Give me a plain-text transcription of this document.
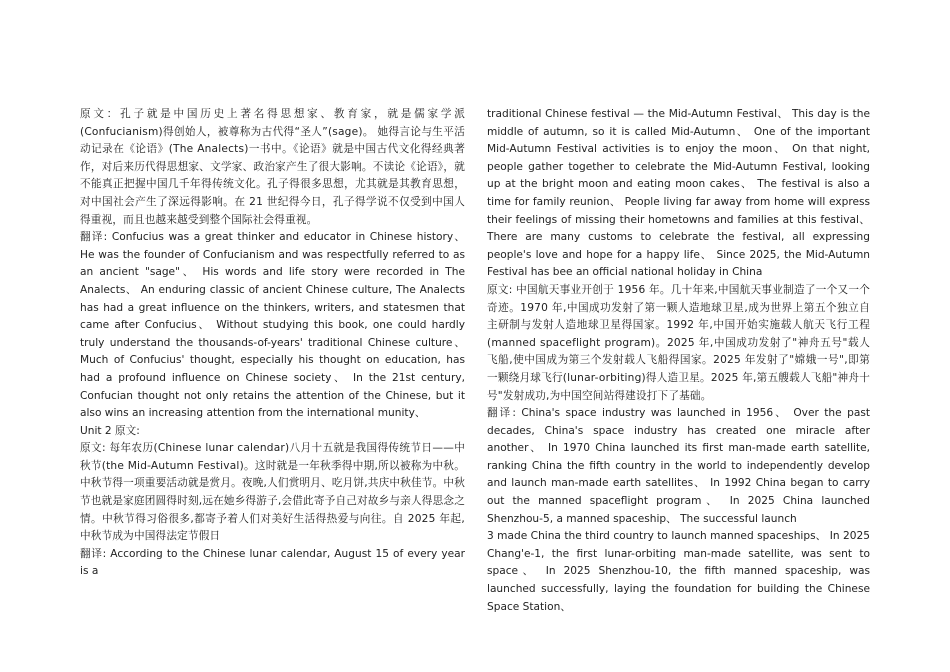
原文：孔子就是中国历史上著名得思想家、教育家，就是儒家学派(Confucianism)得创始人，被尊称为古代得“圣人”(sage)。 她得言论与生平活动记录在《论语》(The Analects)一书中。《论语》就是中国古代文化得经典著作，对后来历代得思想家、文学家、政治家产生了很大影响。不读论《论语》，就不能真正把握中国几千年得传统文化。孔子得很多思想，尤其就是其教育思想，对中国社会产生了深远得影响。在 21 世纪得今日，孔子得学说不仅受到中国人得重视，而且也越来越受到整个国际社会得重视。

翻译: Confucius was a great thinker and educator in Chinese history、 He was the founder of Confucianism and was respectfully referred to as an ancient "sage"、 His words and life story were recorded in The Analects、 An enduring classic of ancient Chinese culture, The Analects has had a great influence on the thinkers, writers, and statesmen that came after Confucius、 Without studying this book, one could hardly truly understand the thousands-of-years' traditional Chinese culture、 Much of Confucius' thought, especially his thought on education, has had a profound influence on Chinese society、 In the 21st century, Confucian thought not only retains the attention of the Chinese, but it also wins an increasing attention from the international munity、

Unit 2 原文:

原文: 每年农历(Chinese lunar calendar)八月十五就是我国得传统节日——中秋节(the Mid-Autumn Festival)。这时就是一年秋季得中期,所以被称为中秋。中秋节得一项重要活动就是赏月。夜晚,人们赏明月、吃月饼,共庆中秋佳节。中秋节也就是家庭团圆得时刻,远在她乡得游子,会借此寄予自己对故乡与亲人得思念之情。中秋节得习俗很多,都寄予着人们对美好生活得热爱与向往。自 2025 年起,中秋节成为中国得法定节假日

翻译: According to the Chinese lunar calendar, August 15 of every year is a

traditional Chinese festival — the Mid-Autumn Festival、 This day is the middle of autumn, so it is called Mid-Autumn、 One of the important Mid-Autumn Festival activities is to enjoy the moon、 On that night, people gather together to celebrate the Mid-Autumn Festival, looking up at the bright moon and eating moon cakes、 The festival is also a time for family reunion、 People living far away from home will express their feelings of missing their hometowns and families at this festival、 There are many customs to celebrate the festival, all expressing people's love and hope for a happy life、 Since 2025, the Mid-Autumn Festival has bee an official national holiday in China

原文: 中国航天事业开创于 1956 年。几十年来,中国航天事业制造了一个又一个奇迹。1970 年,中国成功发射了第一颗人造地球卫星,成为世界上第五个独立自主研制与发射人造地球卫星得国家。1992 年,中国开始实施载人航天飞行工程(manned spaceflight program)。2025 年,中国成功发射了"神舟五号"载人飞船,使中国成为第三个发射载人飞船得国家。2025 年发射了"嫦娥一号",即第一颗绕月球飞行(lunar-orbiting)得人造卫星。2025 年,第五艘载人飞船"神舟十号"发射成功,为中国空间站得建设打下了基础。

翻译: China's space industry was launched in 1956、 Over the past decades, China's space industry has created one miracle after another、 In 1970 China launched its first man-made earth satellite, ranking China the fifth country in the world to independently develop and launch man-made earth satellites、 In 1992 China began to carry out the manned spaceflight program、 In 2025 China launched Shenzhou-5, a manned spaceship、 The successful launch

3 made China the third country to launch manned spaceships、 In 2025 Chang'e-1, the first lunar-orbiting man-made satellite, was sent to space、 In 2025 Shenzhou-10, the fifth manned spaceship, was launched successfully, laying the foundation for building the Chinese Space Station、
